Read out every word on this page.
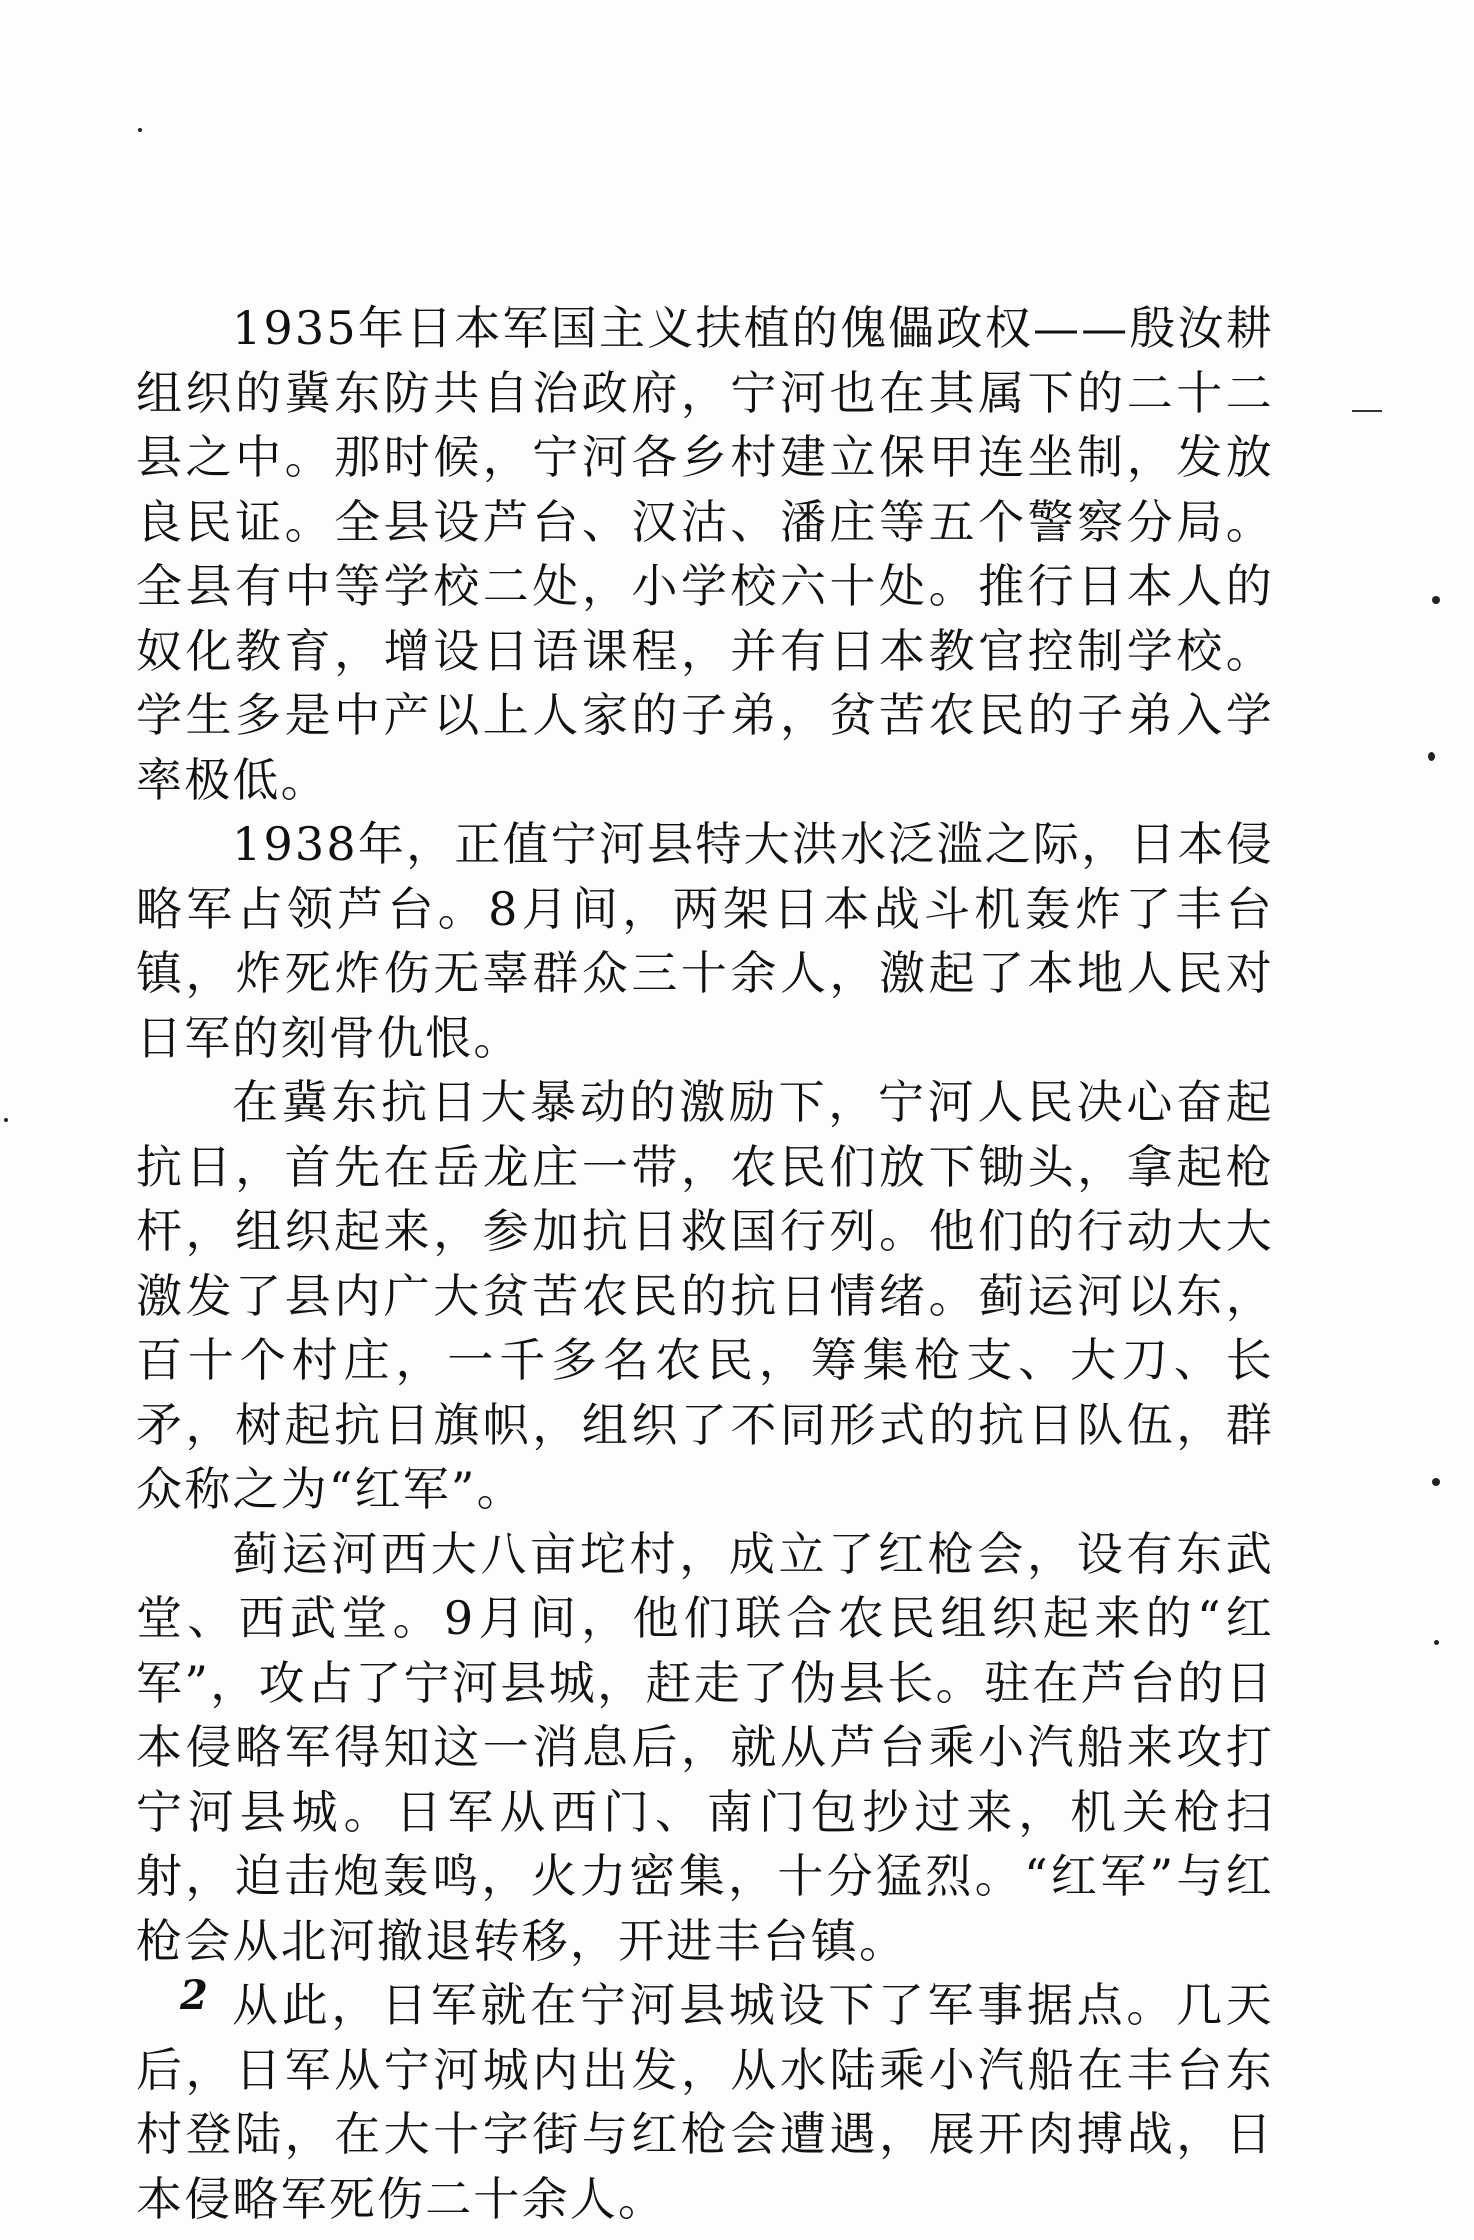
1935年日本军国主义扶植的傀儡政权——殷汝耕组织的冀东防共自治政府，宁河也在其属下的二十二县之中。那时候，宁河各乡村建立保甲连坐制，发放良民证。全县设芦台、汉沽、潘庄等五个警察分局。全县有中等学校二处，小学校六十处。推行日本人的奴化教育，增设日语课程，并有日本教官控制学校。学生多是中产以上人家的子弟，贫苦农民的子弟入学率极低。

1938年，正值宁河县特大洪水泛滥之际，日本侵略军占领芦台。8月间，两架日本战斗机轰炸了丰台镇，炸死炸伤无辜群众三十余人，激起了本地人民对日军的刻骨仇恨。

在冀东抗日大暴动的激励下，宁河人民决心奋起抗日，首先在岳龙庄一带，农民们放下锄头，拿起枪杆，组织起来，参加抗日救国行列。他们的行动大大激发了县内广大贫苦农民的抗日情绪。蓟运河以东，百十个村庄，一千多名农民，筹集枪支、大刀、长矛，树起抗日旗帜，组织了不同形式的抗日队伍，群众称之为“红军”。

蓟运河西大八亩坨村，成立了红枪会，设有东武堂、西武堂。9月间，他们联合农民组织起来的“红军”，攻占了宁河县城，赶走了伪县长。驻在芦台的日本侵略军得知这一消息后，就从芦台乘小汽船来攻打宁河县城。日军从西门、南门包抄过来，机关枪扫射，迫击炮轰鸣，火力密集，十分猛烈。“红军”与红枪会从北河撤退转移，开进丰台镇。

从此，日军就在宁河县城设下了军事据点。几天后，日军从宁河城内出发，从水陆乘小汽船在丰台东村登陆，在大十字街与红枪会遭遇，展开肉搏战，日本侵略军死伤二十余人。

2
